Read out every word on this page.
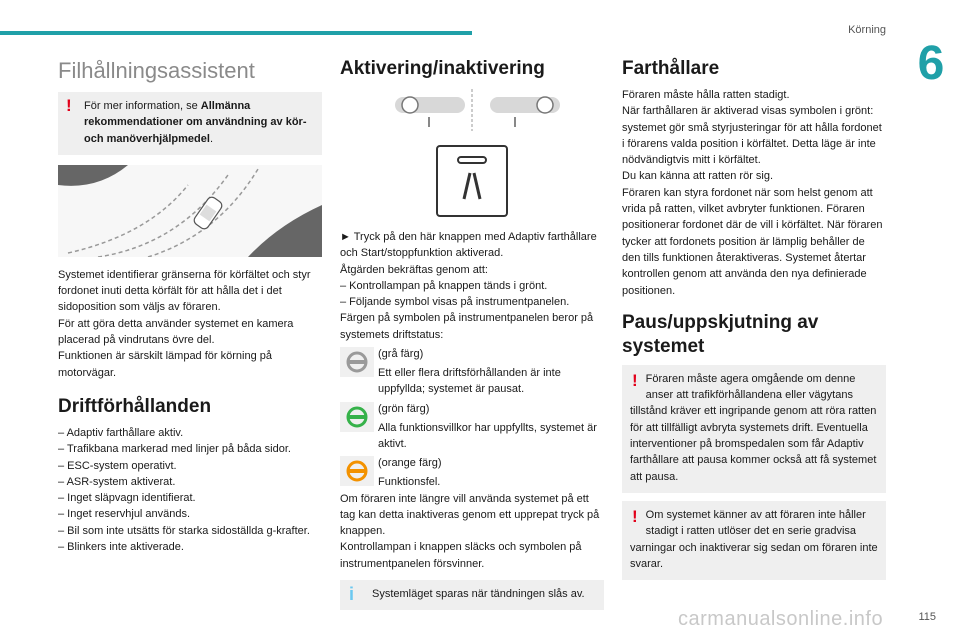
Körning
6
Filhållningsassistent
! För mer information, se Allmänna rekommendationer om användning av kör- och manöverhjälpmedel.

Systemet identifierar gränserna för körfältet och styr fordonet inuti detta körfält för att hålla det i det sidoposition som väljs av föraren.
För att göra detta använder systemet en kamera placerad på vindrutans övre del.
Funktionen är särskilt lämpad för körning på motorvägar.

Driftförhållanden

– Adaptiv farthållare aktiv.

– Trafikbana markerad med linjer på båda sidor.

– ESC-system operativt.

– ASR-system aktiverat.

– Inget släpvagn identifierat.

– Inget reservhjul används.

– Bil som inte utsätts för starka sidoställda g-krafter.

– Blinkers inte aktiverade.

Aktivering/inaktivering

► Tryck på den här knappen med Adaptiv farthållare och Start/stoppfunktion aktiverad.
Åtgärden bekräftas genom att:
– Kontrollampan på knappen tänds i grönt.
– Följande symbol visas på instrumentpanelen.
Färgen på symbolen på instrumentpanelen beror på systemets driftstatus:

(grå färg)

Ett eller flera driftsförhållanden är inte uppfyllda; systemet är pausat.

(grön färg)

Alla funktionsvillkor har uppfyllts, systemet är aktivt.

(orange färg)

Funktionsfel.

Om föraren inte längre vill använda systemet på ett tag kan detta inaktiveras genom ett upprepat tryck på knappen.
Kontrollampan i knappen släcks och symbolen på instrumentpanelen försvinner.

i Systemläget sparas när tändningen slås av.
Farthållare

Föraren måste hålla ratten stadigt.
När farthållaren är aktiverad visas symbolen i grönt: systemet gör små styrjusteringar för att hålla fordonet i förarens valda position i körfältet. Detta läge är inte nödvändigtvis mitt i körfältet.
Du kan känna att ratten rör sig.
Föraren kan styra fordonet när som helst genom att vrida på ratten, vilket avbryter funktionen. Föraren positionerar fordonet där de vill i körfältet. När föraren tycker att fordonets position är lämplig behåller de den tills funktionen återaktiveras. Systemet återtar kontrollen genom att använda den nya definierade positionen.

Paus/uppskjutning av systemet
! Föraren måste agera omgående om denne anser att trafikförhållandena eller vägytans tillstånd kräver ett ingripande genom att röra ratten för att tillfälligt avbryta systemets drift. Eventuella interventioner på bromspedalen som får Adaptiv farthållare att pausa kommer också att få systemet att pausa.
! Om systemet känner av att föraren inte håller stadigt i ratten utlöser det en serie gradvisa varningar och inaktiverar sig sedan om föraren inte svarar.
carmanualsonline.info	115
